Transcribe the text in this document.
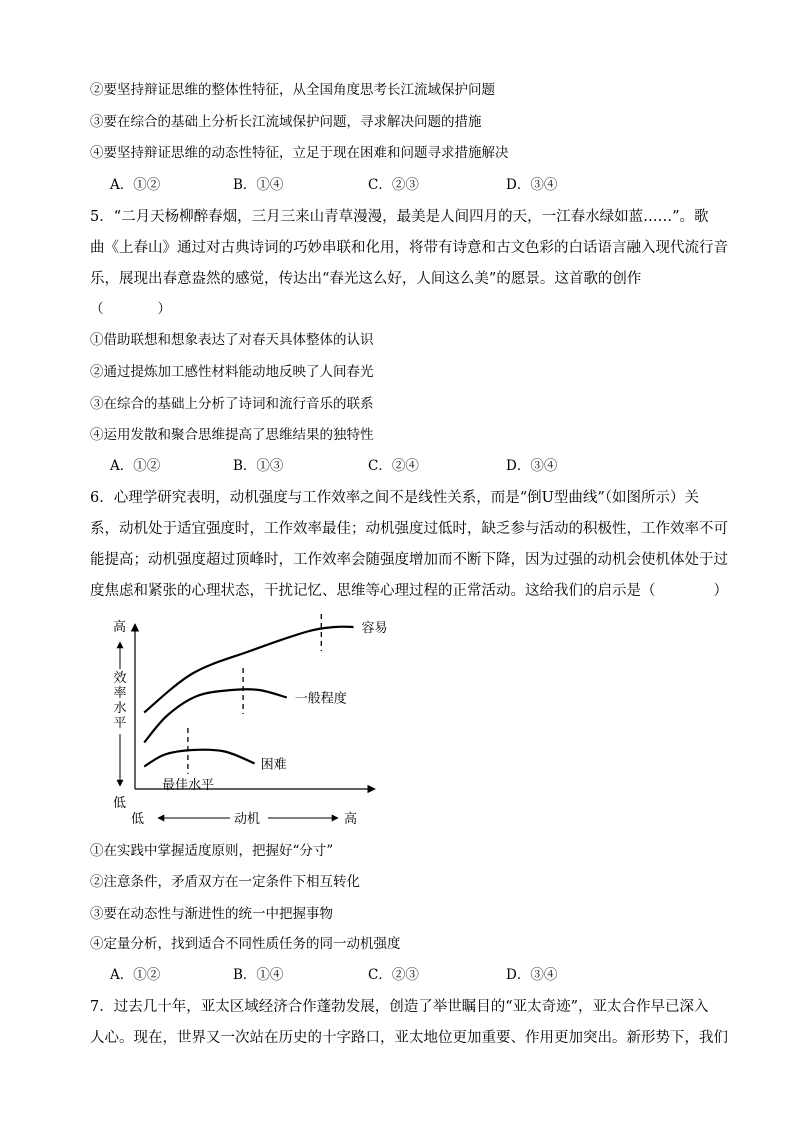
②要坚持辩证思维的整体性特征，从全国角度思考长江流域保护问题
③要在综合的基础上分析长江流域保护问题，寻求解决问题的措施
④要坚持辩证思维的动态性特征，立足于现在困难和问题寻求措施解决
A．①②	B．①④	C．②③	D．③④
5．“二月天杨柳醉春烟，三月三来山青草漫漫，最美是人间四月的天，一江春水绿如蓝……”。歌
曲《上春山》通过对古典诗词的巧妙串联和化用，将带有诗意和古文色彩的白话语言融入现代流行音
乐，展现出春意盎然的感觉，传达出“春光这么好，人间这么美”的愿景。这首歌的创作
（　　　　）
①借助联想和想象表达了对春天具体整体的认识
②通过提炼加工感性材料能动地反映了人间春光
③在综合的基础上分析了诗词和流行音乐的联系
④运用发散和聚合思维提高了思维结果的独特性
A．①②	B．①③	C．②④	D．③④
6．心理学研究表明，动机强度与工作效率之间不是线性关系，而是“倒U型曲线”（如图所示）关
系，动机处于适宜强度时，工作效率最佳；动机强度过低时，缺乏参与活动的积极性，工作效率不可
能提高；动机强度超过顶峰时，工作效率会随强度增加而不断下降，因为过强的动机会使机体处于过
度焦虑和紧张的心理状态，干扰记忆、思维等心理过程的正常活动。这给我们的启示是（　　　　）
高
低
低	高
动机
效率水平
容易
一般程度
困难
最佳水平
①在实践中掌握适度原则，把握好“分寸”
②注意条件，矛盾双方在一定条件下相互转化
③要在动态性与渐进性的统一中把握事物
④定量分析，找到适合不同性质任务的同一动机强度
A．①②	B．①④	C．②③	D．③④
7．过去几十年，亚太区域经济合作蓬勃发展，创造了举世瞩目的“亚太奇迹”，亚太合作早已深入
人心。现在，世界又一次站在历史的十字路口，亚太地位更加重要、作用更加突出。新形势下，我们
